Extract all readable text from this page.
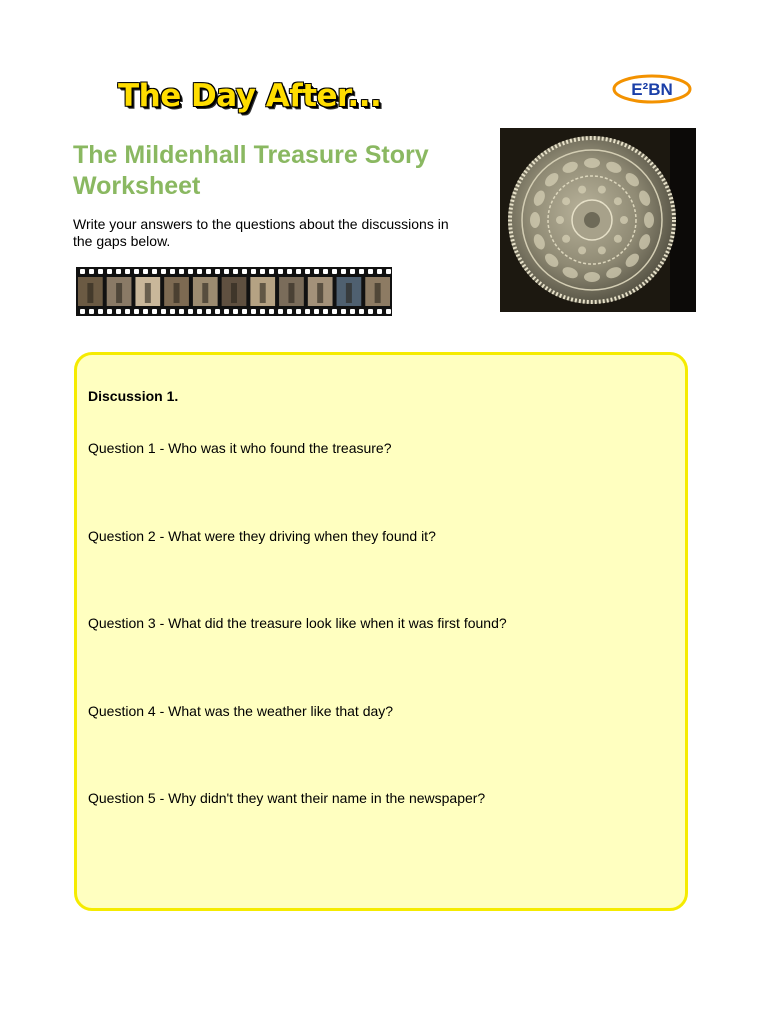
The Day After...	E²BN
The Mildenhall Treasure Story
Worksheet

Write your answers to the questions about the discussions in
the gaps below.

Discussion 1.

Question 1 - Who was it who found the treasure?

Question 2 - What were they driving when they found it?

Question 3 - What did the treasure look like when it was first found?

Question 4 - What was the weather like that day?

Question 5 - Why didn't they want their name in the newspaper?
